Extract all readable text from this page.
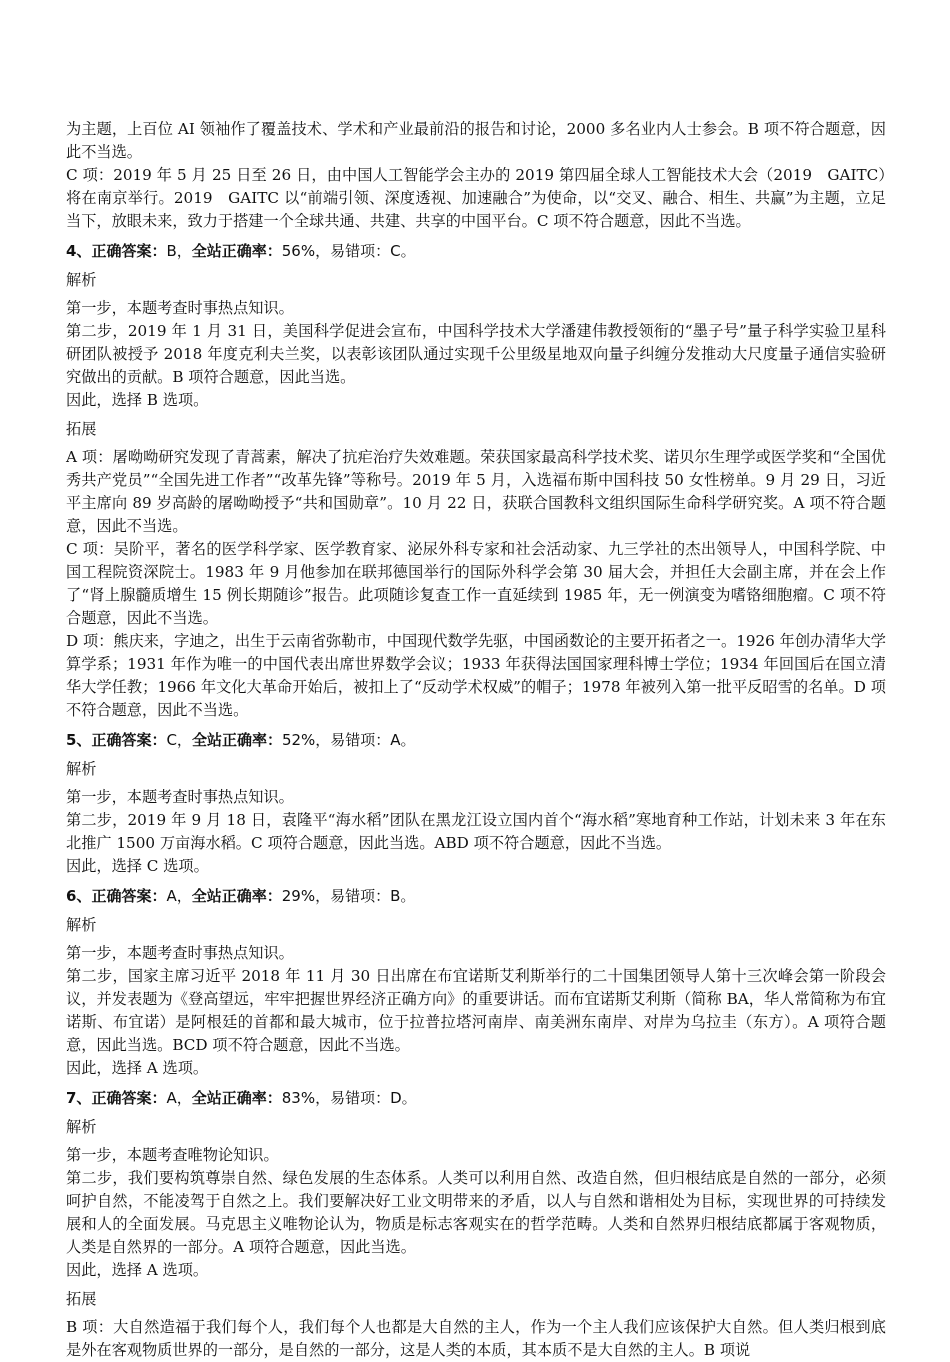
为主题，上百位 AI 领袖作了覆盖技术、学术和产业最前沿的报告和讨论，2000 多名业内人士参会。B 项不符合题意，因此不当选。

C 项：2019 年 5 月 25 日至 26 日，由中国人工智能学会主办的 2019 第四届全球人工智能技术大会（2019　GAITC）将在南京举行。2019　GAITC 以“前端引领、深度透视、加速融合”为使命，以“交叉、融合、相生、共赢”为主题，立足当下，放眼未来，致力于搭建一个全球共通、共建、共享的中国平台。C 项不符合题意，因此不当选。

4、正确答案：B，全站正确率：56%，易错项：C。

解析

第一步，本题考查时事热点知识。

第二步，2019 年 1 月 31 日，美国科学促进会宣布，中国科学技术大学潘建伟教授领衔的“墨子号”量子科学实验卫星科研团队被授予 2018 年度克利夫兰奖，以表彰该团队通过实现千公里级星地双向量子纠缠分发推动大尺度量子通信实验研究做出的贡献。B 项符合题意，因此当选。

因此，选择 B 选项。

拓展

A 项：屠呦呦研究发现了青蒿素，解决了抗疟治疗失效难题。荣获国家最高科学技术奖、诺贝尔生理学或医学奖和“全国优秀共产党员”“全国先进工作者”“改革先锋”等称号。2019 年 5 月，入选福布斯中国科技 50 女性榜单。9 月 29 日，习近平主席向 89 岁高龄的屠呦呦授予“共和国勋章”。10 月 22 日，获联合国教科文组织国际生命科学研究奖。A 项不符合题意，因此不当选。

C 项：吴阶平，著名的医学科学家、医学教育家、泌尿外科专家和社会活动家、九三学社的杰出领导人，中国科学院、中国工程院资深院士。1983 年 9 月他参加在联邦德国举行的国际外科学会第 30 届大会，并担任大会副主席，并在会上作了“肾上腺髓质增生 15 例长期随诊”报告。此项随诊复查工作一直延续到 1985 年，无一例演变为嗜铬细胞瘤。C 项不符合题意，因此不当选。

D 项：熊庆来，字迪之，出生于云南省弥勒市，中国现代数学先驱，中国函数论的主要开拓者之一。1926 年创办清华大学算学系；1931 年作为唯一的中国代表出席世界数学会议；1933 年获得法国国家理科博士学位；1934 年回国后在国立清华大学任教；1966 年文化大革命开始后，被扣上了“反动学术权威”的帽子；1978 年被列入第一批平反昭雪的名单。D 项不符合题意，因此不当选。

5、正确答案：C，全站正确率：52%，易错项：A。

解析

第一步，本题考查时事热点知识。

第二步，2019 年 9 月 18 日，袁隆平“海水稻”团队在黑龙江设立国内首个“海水稻”寒地育种工作站，计划未来 3 年在东北推广 1500 万亩海水稻。C 项符合题意，因此当选。ABD 项不符合题意，因此不当选。

因此，选择 C 选项。

6、正确答案：A，全站正确率：29%，易错项：B。

解析

第一步，本题考查时事热点知识。

第二步，国家主席习近平 2018 年 11 月 30 日出席在布宜诺斯艾利斯举行的二十国集团领导人第十三次峰会第一阶段会议，并发表题为《登高望远，牢牢把握世界经济正确方向》的重要讲话。而布宜诺斯艾利斯（简称 BA，华人常简称为布宜诺斯、布宜诺）是阿根廷的首都和最大城市，位于拉普拉塔河南岸、南美洲东南岸、对岸为乌拉圭（东方）。A 项符合题意，因此当选。BCD 项不符合题意，因此不当选。

因此，选择 A 选项。

7、正确答案：A，全站正确率：83%，易错项：D。

解析

第一步，本题考查唯物论知识。

第二步，我们要构筑尊崇自然、绿色发展的生态体系。人类可以利用自然、改造自然，但归根结底是自然的一部分，必须呵护自然，不能凌驾于自然之上。我们要解决好工业文明带来的矛盾，以人与自然和谐相处为目标，实现世界的可持续发展和人的全面发展。马克思主义唯物论认为，物质是标志客观实在的哲学范畴。人类和自然界归根结底都属于客观物质，人类是自然界的一部分。A 项符合题意，因此当选。

因此，选择 A 选项。

拓展

B 项：大自然造福于我们每个人，我们每个人也都是大自然的主人，作为一个主人我们应该保护大自然。但人类归根到底是外在客观物质世界的一部分，是自然的一部分，这是人类的本质，其本质不是大自然的主人。B 项说
